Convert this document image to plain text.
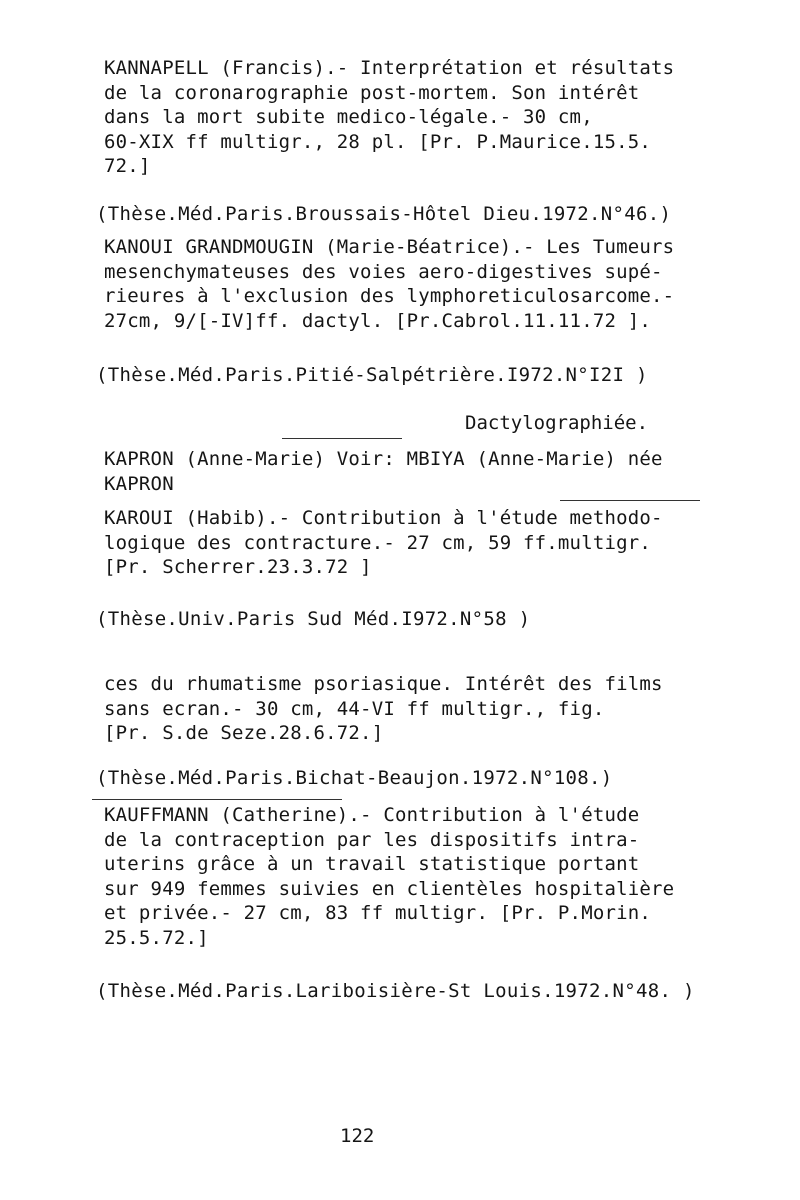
KANNAPELL (Francis).- Interprétation et résultats
de la coronarographie post-mortem. Son intérêt
dans la mort subite medico-légale.- 30 cm,
60-XIX ff multigr., 28 pl. [Pr. P.Maurice.15.5.
72.]
(Thèse.Méd.Paris.Broussais-Hôtel Dieu.1972.N°46.)
KANOUI GRANDMOUGIN (Marie-Béatrice).- Les Tumeurs
mesenchymateuses des voies aero-digestives supé-
rieures à l'exclusion des lymphoreticulosarcome.-
27cm, 9/[-IV]ff. dactyl. [Pr.Cabrol.11.11.72 ].
(Thèse.Méd.Paris.Pitié-Salpétrière.I972.N°I2I )
Dactylographiée.
KAPRON (Anne-Marie) Voir: MBIYA (Anne-Marie) née
KAPRON
KAROUI (Habib).- Contribution à l'étude methodo-
logique des contracture.- 27 cm, 59 ff.multigr.
[Pr. Scherrer.23.3.72 ]
(Thèse.Univ.Paris Sud Méd.I972.N°58 )
ces du rhumatisme psoriasique. Intérêt des films
sans ecran.- 30 cm, 44-VI ff multigr., fig.
[Pr. S.de Seze.28.6.72.]
(Thèse.Méd.Paris.Bichat-Beaujon.1972.N°108.)
KAUFFMANN (Catherine).- Contribution à l'étude
de la contraception par les dispositifs intra-
uterins grâce à un travail statistique portant
sur 949 femmes suivies en clientèles hospitalière
et privée.- 27 cm, 83 ff multigr. [Pr. P.Morin.
25.5.72.]
(Thèse.Méd.Paris.Lariboisière-St Louis.1972.N°48. )
122
